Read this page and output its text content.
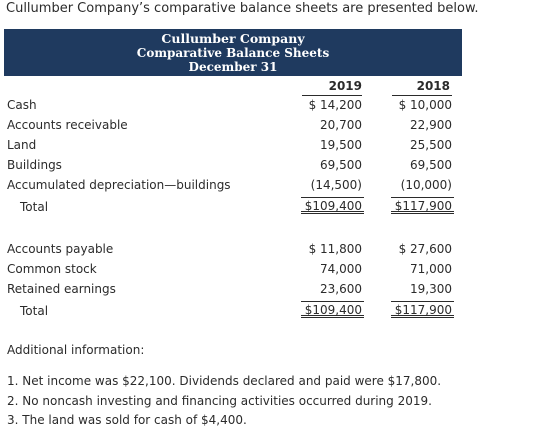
Cullumber Company’s comparative balance sheets are presented below.
Cullumber Company
Comparative Balance Sheets
December 31
2019	2018
Cash	$ 14,200	$ 10,000
Accounts receivable	20,700	22,900
Land	19,500	25,500
Buildings	69,500	69,500
Accumulated depreciation—buildings	(14,500)	(10,000)
Total	$109,400	$117,900
Accounts payable	$ 11,800	$ 27,600
Common stock	74,000	71,000
Retained earnings	23,600	19,300
Total	$109,400	$117,900
Additional information:
1. Net income was $22,100. Dividends declared and paid were $17,800.
2. No noncash investing and financing activities occurred during 2019.
3. The land was sold for cash of $4,400.
